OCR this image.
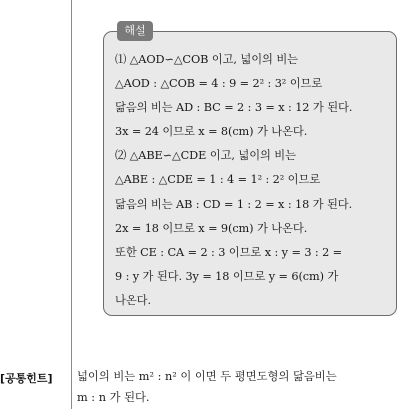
해설

⑴ △AOD∽△COB 이고, 넓이의 비는

△AOD : △COB = 4 : 9 = 2² : 3² 이므로

닮음의 비는 AD : BC = 2 : 3 = x : 12 가 된다.

3x = 24 이므로 x = 8(cm) 가 나온다.

⑵ △ABE∽△CDE 이고, 넓이의 비는

△ABE : △CDE = 1 : 4 = 1² : 2² 이므로

닮음의 비는 AB : CD = 1 : 2 = x : 18 가 된다.

2x = 18 이므로 x = 9(cm) 가 나온다.

또한 CE : CA = 2 : 3 이므로 x : y = 3 : 2 =

9 : y 가 된다. 3y = 18 이므로 y = 6(cm) 가

나온다.

[공통힌트] 넓이의 비는 m² : n² 이 이면 두 평면도형의 닮음비는

m : n 가 된다.
